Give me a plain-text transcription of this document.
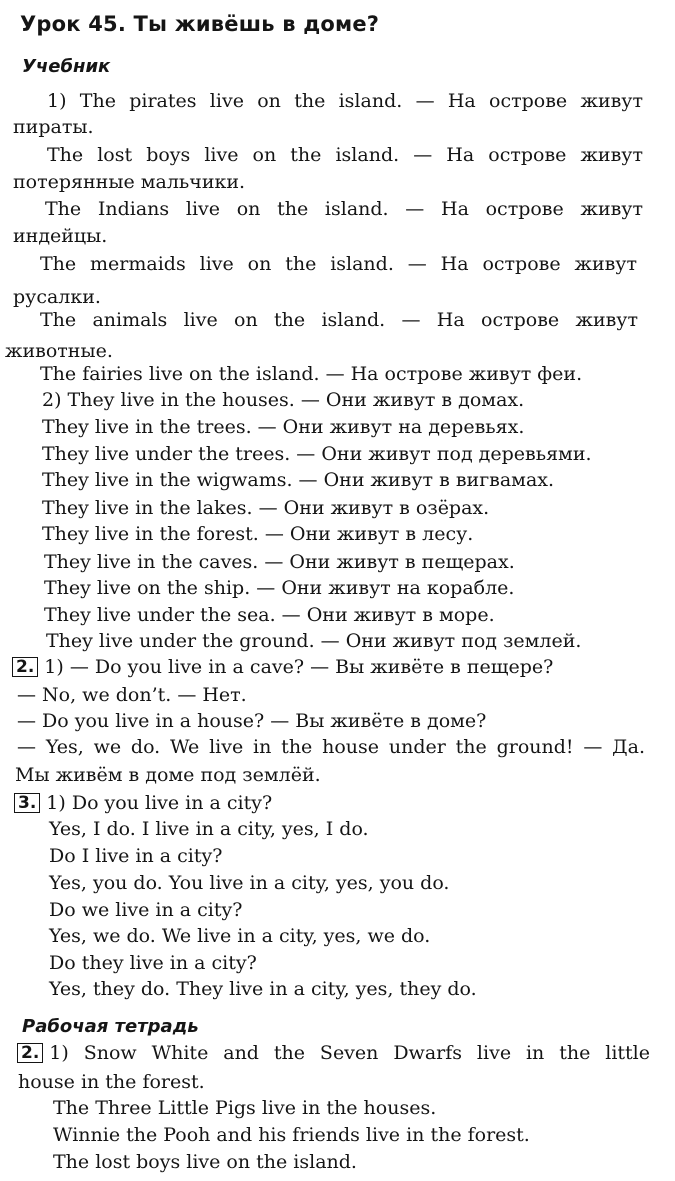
Урок 45. Ты живёшь в доме?
Учебник
1) The pirates live on the island. — На острове живут
пираты.
The lost boys live on the island. — На острове живут
потерянные мальчики.
The Indians live on the island. — На острове живут
индейцы.
The mermaids live on the island. — На острове живут
русалки.
The animals live on the island. — На острове живут
животные.
The fairies live on the island. — На острове живут феи.
2) They live in the houses. — Они живут в домах.
They live in the trees. — Они живут на деревьях.
They live under the trees. — Они живут под деревьями.
They live in the wigwams. — Они живут в вигвамах.
They live in the lakes. — Они живут в озёрах.
They live in the forest. — Они живут в лесу.
They live in the caves. — Они живут в пещерах.
They live on the ship. — Они живут на корабле.
They live under the sea. — Они живут в море.
They live under the ground. — Они живут под землей.
2. 1) — Do you live in a cave? — Вы живёте в пещере?
— No, we don’t. — Нет.
— Do you live in a house? — Вы живёте в доме?
— Yes, we do. We live in the house under the ground! — Да.
Мы живём в доме под землёй.
3. 1) Do you live in a city?
Yes, I do. I live in a city, yes, I do.
Do I live in a city?
Yes, you do. You live in a city, yes, you do.
Do we live in a city?
Yes, we do. We live in a city, yes, we do.
Do they live in a city?
Yes, they do. They live in a city, yes, they do.
Рабочая тетрадь
2. 1) Snow White and the Seven Dwarfs live in the little
house in the forest.
The Three Little Pigs live in the houses.
Winnie the Pooh and his friends live in the forest.
The lost boys live on the island.
